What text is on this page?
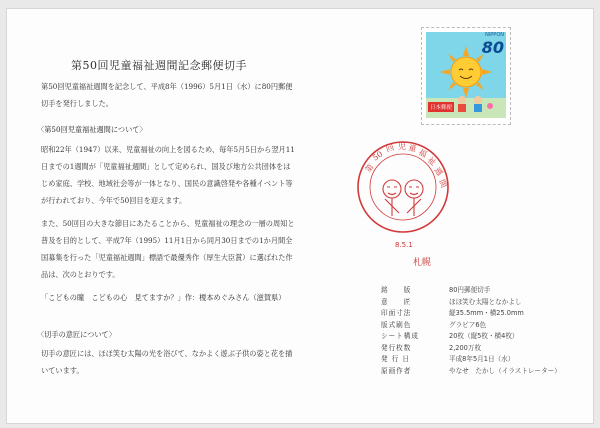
第50回児童福祉週間記念郵便切手
第50回児童福祉週間を記念して、平成8年（1996）5月1日（水）に80円郵便切手を発行しました。
〈第50回児童福祉週間について〉
昭和22年（1947）以来、児童福祉の向上を図るため、毎年5月5日から翌月11日までの1週間が「児童福祉週間」として定められ、国及び地方公共団体をはじめ家庭、学校、地域社会等が一体となり、国民の意識啓発や各種イベント等が行われており、今年で50回目を迎えます。
また、50回目の大きな節目にあたることから、児童福祉の理念の一層の周知と普及を目的として、平成7年（1995）11月1日から同月30日までの1か月間全国募集を行った「児童福祉週間」標語で最優秀作（厚生大臣賞）に選ばれた作品は、次のとおりです。
「こどもの瞳　こどもの心　見てますか？」作：榎本めぐみさん（滋賀県）
〈切手の意匠について〉
切手の意匠には、ほほ笑む太陽の光を浴びて、なかよく遊ぶ子供の姿と花を描いています。
NIPPON
80
日本郵便
第
50
回 児 童 福
祉
週
間
8.5.1
札幌
銘　　版	80円郵便切手
意　　匠	ほほ笑む太陽となかよし
印面寸法	縦35.5mm・横25.0mm
版式刷色	グラビア6色
シート構成	20枚（縦5枚・横4枚）
発行枚数	2,200万枚
発 行 日	平成8年5月1日（水）
原画作者	やなせ　たかし（イラストレーター）
